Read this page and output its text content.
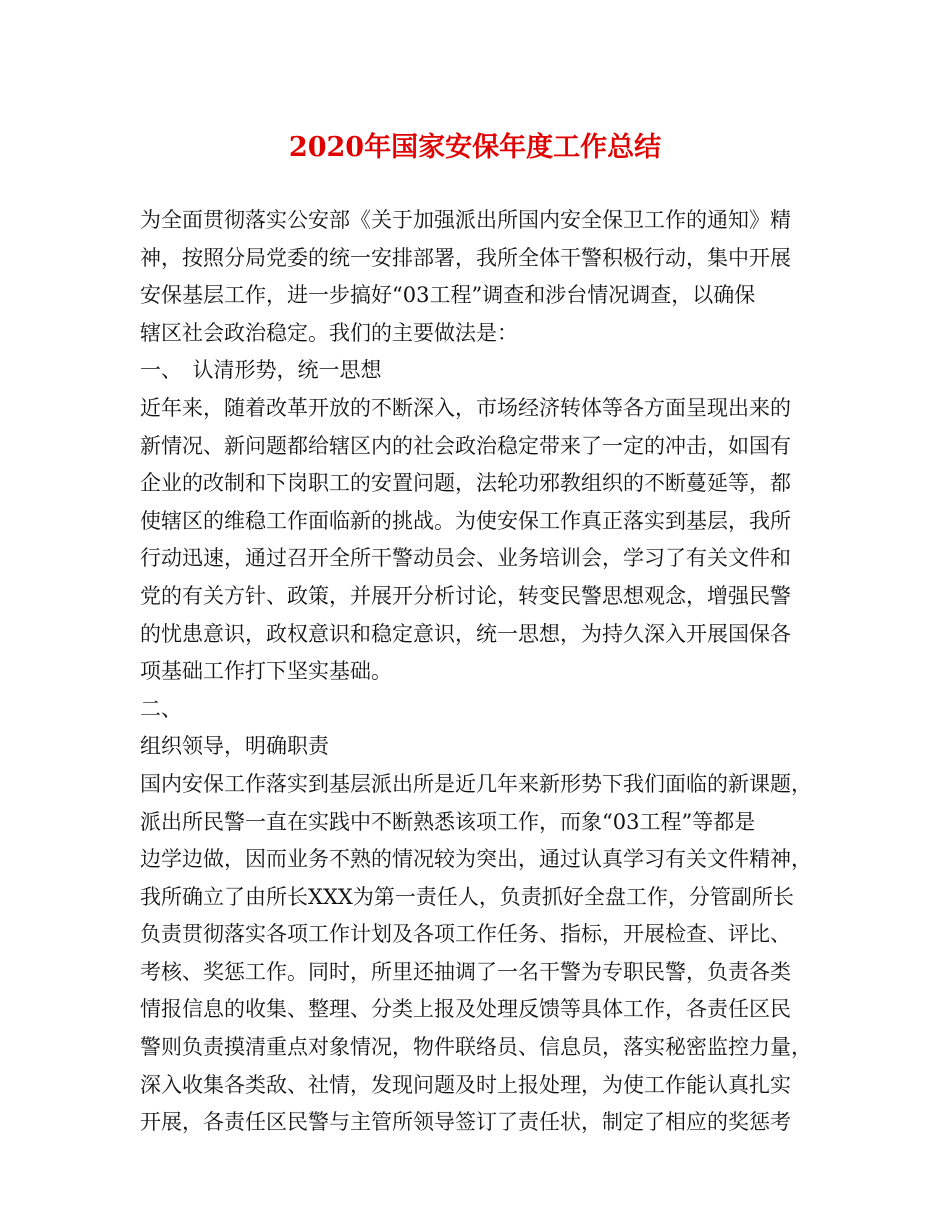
2020年国家安保年度工作总结
为全面贯彻落实公安部《关于加强派出所国内安全保卫工作的通知》精
神，按照分局党委的统一安排部署，我所全体干警积极行动，集中开展
安保基层工作，进一步搞好“03工程”调查和涉台情况调查，以确保
辖区社会政治稳定。我们的主要做法是：
一、　认清形势，统一思想
近年来，随着改革开放的不断深入，市场经济转体等各方面呈现出来的
新情况、新问题都给辖区内的社会政治稳定带来了一定的冲击，如国有
企业的改制和下岗职工的安置问题，法轮功邪教组织的不断蔓延等，都
使辖区的维稳工作面临新的挑战。为使安保工作真正落实到基层，我所
行动迅速，通过召开全所干警动员会、业务培训会，学习了有关文件和
党的有关方针、政策，并展开分析讨论，转变民警思想观念，增强民警
的忧患意识，政权意识和稳定意识，统一思想，为持久深入开展国保各
项基础工作打下坚实基础。
二、
组织领导，明确职责
国内安保工作落实到基层派出所是近几年来新形势下我们面临的新课题，
派出所民警一直在实践中不断熟悉该项工作，而象“03工程”等都是
边学边做，因而业务不熟的情况较为突出，通过认真学习有关文件精神，
我所确立了由所长XXX为第一责任人，负责抓好全盘工作，分管副所长
负责贯彻落实各项工作计划及各项工作任务、指标，开展检查、评比、
考核、奖惩工作。同时，所里还抽调了一名干警为专职民警，负责各类
情报信息的收集、整理、分类上报及处理反馈等具体工作，各责任区民
警则负责摸清重点对象情况，物件联络员、信息员，落实秘密监控力量，
深入收集各类敌、社情，发现问题及时上报处理，为使工作能认真扎实
开展，各责任区民警与主管所领导签订了责任状，制定了相应的奖惩考
